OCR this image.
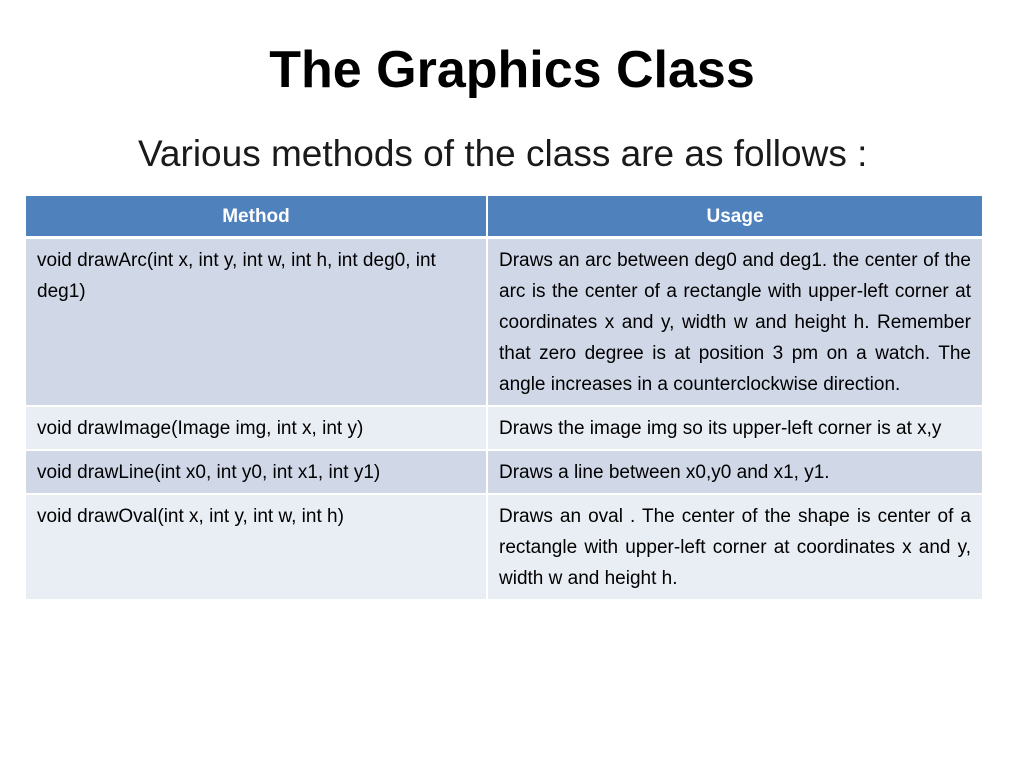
The Graphics Class
Various methods of the class are as follows :
Method	Usage
void drawArc(int x, int y, int w, int h, int deg0, int deg1)	Draws an arc between deg0 and deg1. the center of the arc is the center of a rectangle with upper-left corner at coordinates x and y, width w and height h. Remember that zero degree is at position 3 pm on a watch. The angle increases in a counterclockwise direction.
void drawImage(Image img, int x, int y)	Draws the image img so its upper-left corner is at x,y
void drawLine(int x0, int y0, int x1, int y1)	Draws a line between x0,y0 and x1, y1.
void drawOval(int x, int y, int w, int h)	Draws an oval . The center of the shape is center of a rectangle with upper-left corner at coordinates x and y, width w and height h.
